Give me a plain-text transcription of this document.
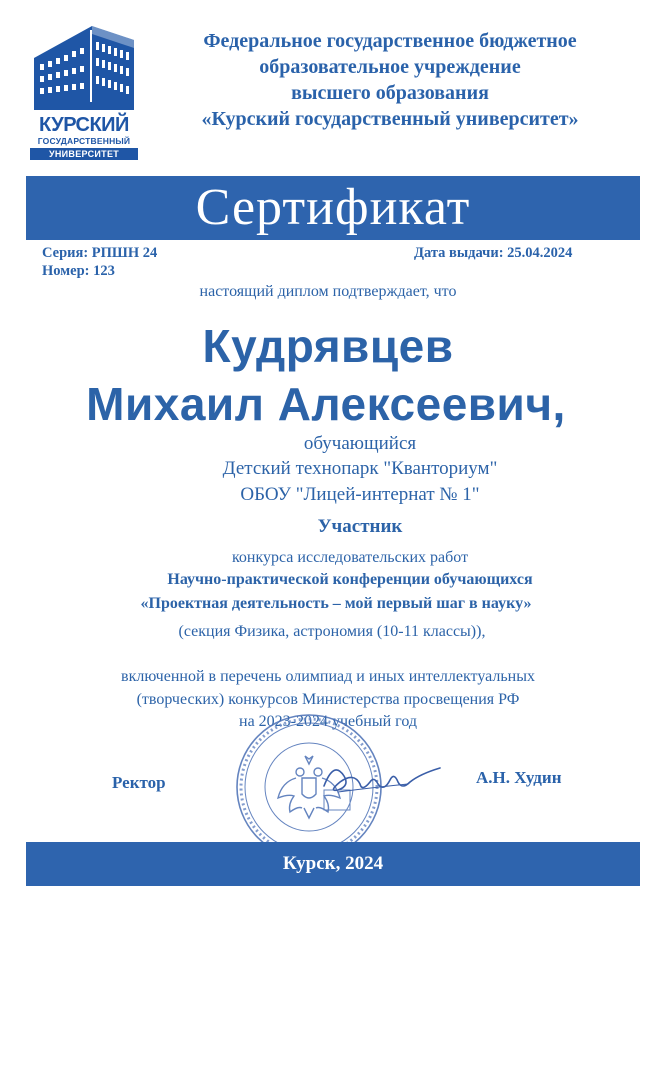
КУРСКИЙ
ГОСУДАРСТВЕННЫЙ
УНИВЕРСИТЕТ
Федеральное государственное бюджетное
образовательное учреждение
высшего образования
«Курский государственный университет»
Сертификат
Серия: РПШН 24
Номер: 123
Дата выдачи: 25.04.2024
настоящий диплом подтверждает, что
Кудрявцев
Михаил Алексеевич,
обучающийся
Детский технопарк "Кванториум"
ОБОУ "Лицей-интернат № 1"
Участник
конкурса исследовательских работ
Научно-практической конференции обучающихся
«Проектная деятельность – мой первый шаг в науку»
(секция Физика, астрономия (10-11 классы)),
включенной в перечень олимпиад и иных интеллектуальных
(творческих) конкурсов Министерства просвещения РФ
на 2023-2024 учебный год
Ректор	А.Н. Худин
Курск, 2024
